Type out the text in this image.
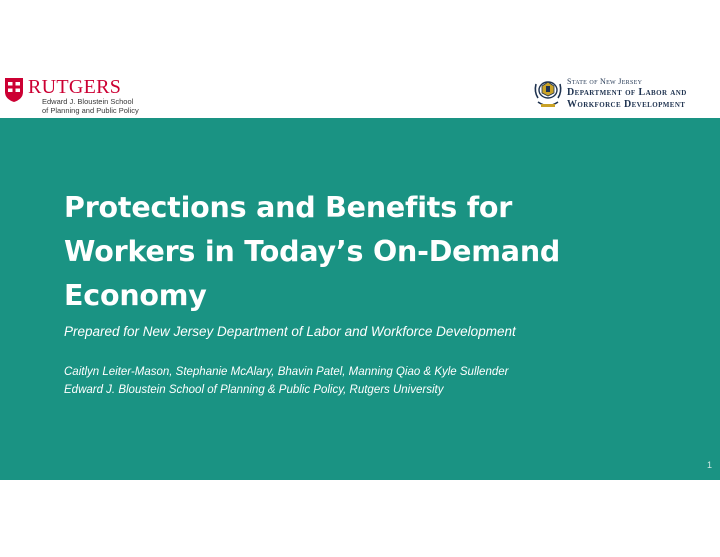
RUTGERS
Edward J. Bloustein School
of Planning and Public Policy
State of New Jersey
Department of Labor and
Workforce Development
Protections and Benefits for
Workers in Today’s On-Demand
Economy

Prepared for New Jersey Department of Labor and Workforce Development

Caitlyn Leiter-Mason, Stephanie McAlary, Bhavin Patel, Manning Qiao & Kyle Sullender
Edward J. Bloustein School of Planning & Public Policy, Rutgers University
1
